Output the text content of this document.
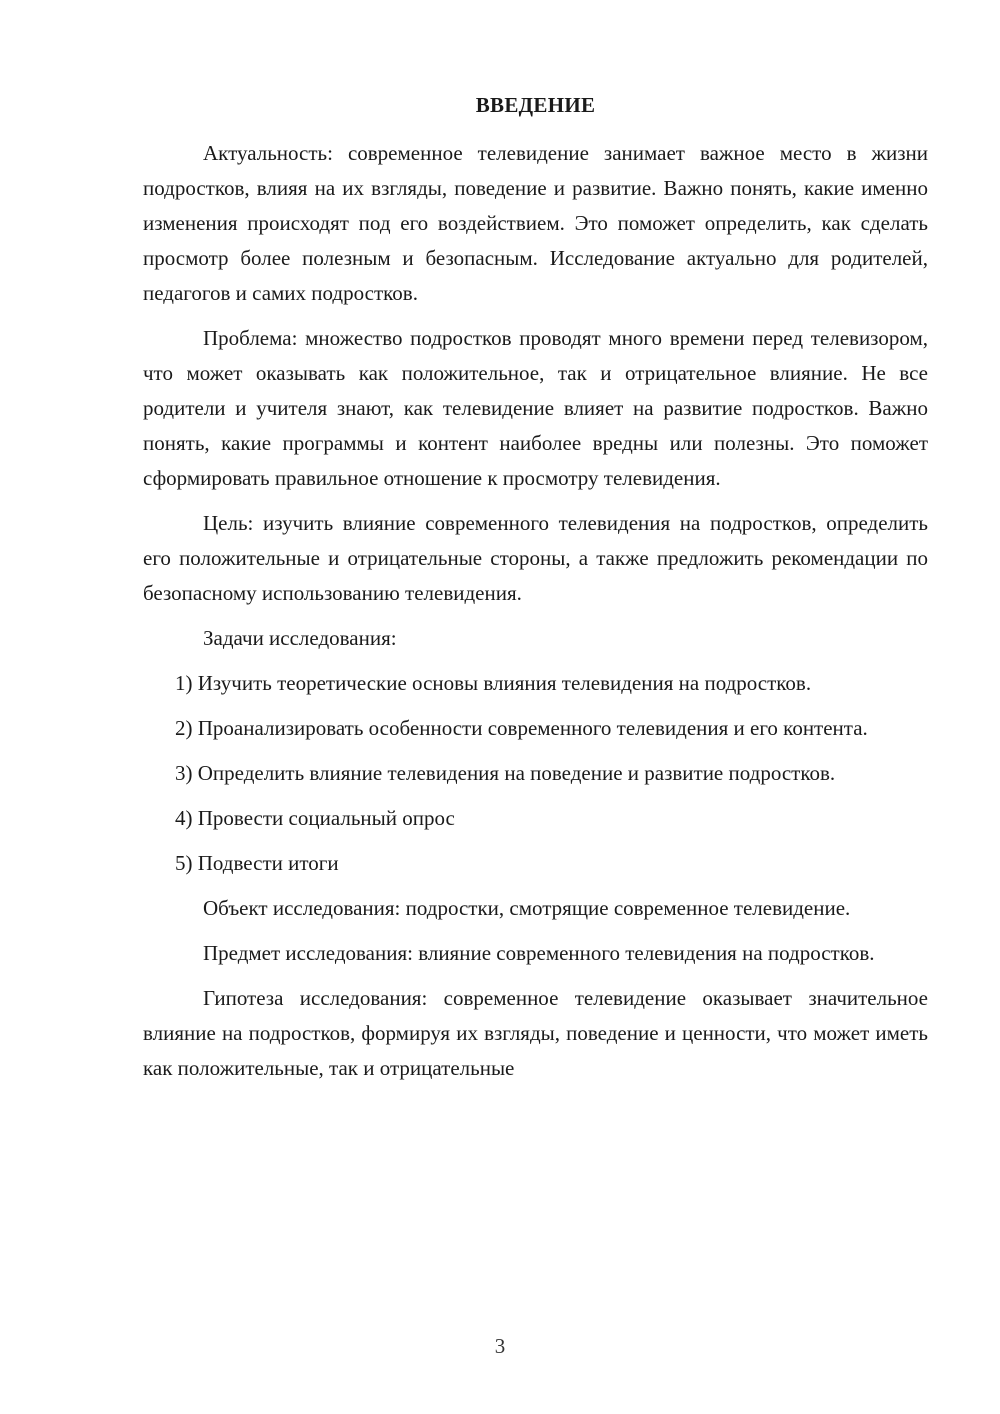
ВВЕДЕНИЕ

Актуальность: современное телевидение занимает важное место в жизни подростков, влияя на их взгляды, поведение и развитие. Важно понять, какие именно изменения происходят под его воздействием. Это поможет определить, как сделать просмотр более полезным и безопасным. Исследование актуально для родителей, педагогов и самих подростков.

Проблема: множество подростков проводят много времени перед телевизором, что может оказывать как положительное, так и отрицательное влияние. Не все родители и учителя знают, как телевидение влияет на развитие подростков. Важно понять, какие программы и контент наиболее вредны или полезны. Это поможет сформировать правильное отношение к просмотру телевидения.

Цель: изучить влияние современного телевидения на подростков, определить его положительные и отрицательные стороны, а также предложить рекомендации по безопасному использованию телевидения.

Задачи исследования:

1) Изучить теоретические основы влияния телевидения на подростков.

2) Проанализировать особенности современного телевидения и его контента.

3) Определить влияние телевидения на поведение и развитие подростков.

4) Провести социальный опрос

5) Подвести итоги

Объект исследования: подростки, смотрящие современное телевидение.

Предмет исследования: влияние современного телевидения на подростков.

Гипотеза исследования: современное телевидение оказывает значительное влияние на подростков, формируя их взгляды, поведение и ценности, что может иметь как положительные, так и отрицательные

3
